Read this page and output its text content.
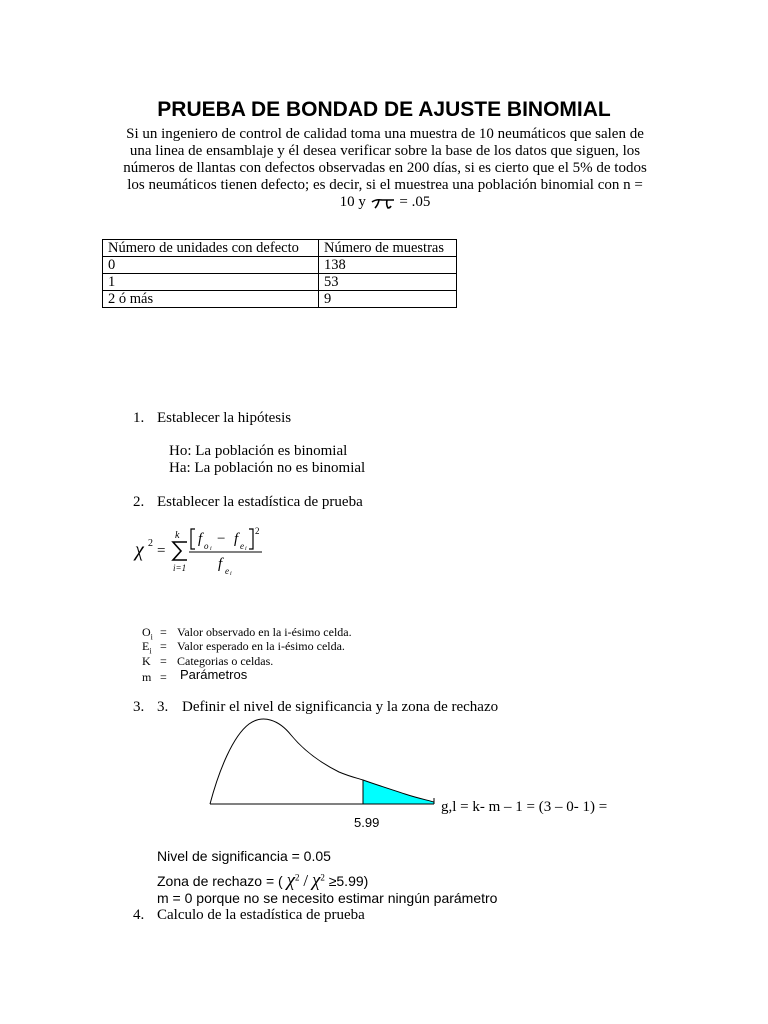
PRUEBA DE BONDAD DE AJUSTE BINOMIAL
Si un ingeniero de control de calidad toma una muestra de 10 neumáticos que salen de
una linea de ensamblaje y él desea verificar sobre la base de los datos que siguen, los
números de llantas con defectos observadas en 200 días, si es cierto que el 5% de todos
los neumáticos tienen defecto; es decir, si el muestrea una población binomial con n =
10 y = .05
Número de unidades con defecto	Número de muestras
0	138
1	53
2 ó más	9
1. Establecer la hipótesis
Ho: La población es binomial
Ha: La población no es binomial
2. Establecer la estadística de prueba
χ 2 =
k
i=1
f o i
− f e i
2
f e i
$O_i$ = Valor observado en la i-ésimo celda.
$E_i$ = Valor esperado en la i-ésimo celda.
K = Categorias o celdas.
m = Parámetros
3. 3. Definir el nivel de significancia y la zona de rechazo
5.99
g,l = k- m – 1 = (3 – 0- 1) =
Nivel de significancia = 0.05
Zona de rechazo = ( $\chi^2 / \chi^2 \ge 5.99$)
m = 0 porque no se necesito estimar ningún parámetro
4. Calculo de la estadística de prueba
